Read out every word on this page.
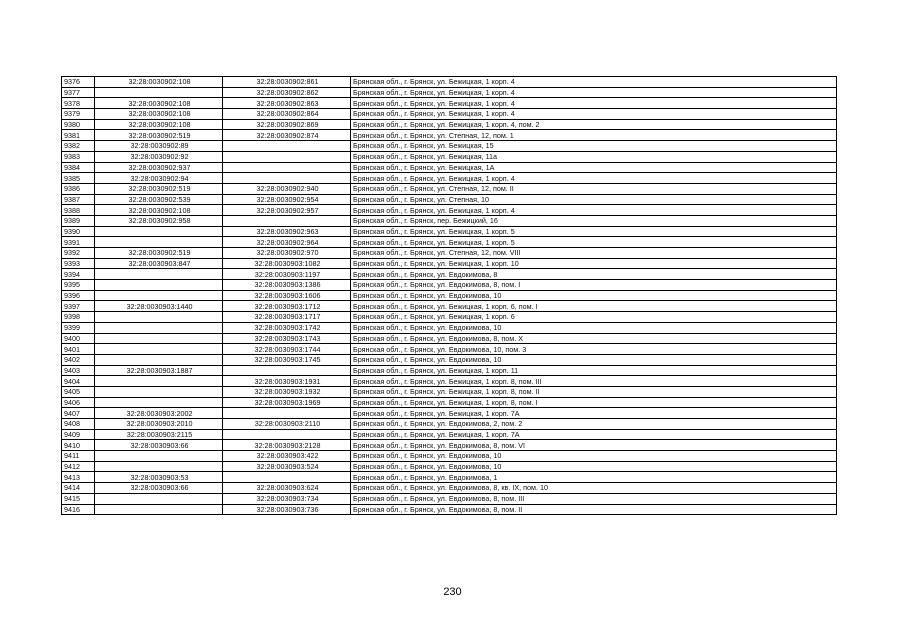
9376	32:28:0030902:108	32:28:0030902:861	Брянская обл., г. Брянск, ул. Бежицкая, 1 корп. 4
9377		32:28:0030902:862	Брянская обл., г. Брянск, ул. Бежицкая, 1 корп. 4
9378	32:28:0030902:108	32:28:0030902:863	Брянская обл., г. Брянск, ул. Бежицкая, 1 корп. 4
9379	32:28:0030902:108	32:28:0030902:864	Брянская обл., г. Брянск, ул. Бежицкая, 1 корп. 4
9380	32:28:0030902:108	32:28:0030902:869	Брянская обл., г. Брянск, ул. Бежицкая, 1 корп. 4, пом. 2
9381	32:28:0030902:519	32:28:0030902:874	Брянская обл., г. Брянск, ул. Степная, 12, пом. 1
9382	32:28:0030902:89		Брянская обл., г. Брянск, ул. Бежицкая, 15
9383	32:28:0030902:92		Брянская обл., г. Брянск, ул. Бежицкая, 11а
9384	32:28:0030902:937		Брянская обл., г. Брянск, ул. Бежицкая, 1А
9385	32:28:0030902:94		Брянская обл., г. Брянск, ул. Бежицкая, 1 корп. 4
9386	32:28:0030902:519	32:28:0030902:940	Брянская обл., г. Брянск, ул. Степная, 12, пом. II
9387	32:28:0030902:539	32:28:0030902:954	Брянская обл., г. Брянск, ул. Степная, 10
9388	32:28:0030902:108	32:28:0030902:957	Брянская обл., г. Брянск, ул. Бежицкая, 1 корп. 4
9389	32:28:0030902:958		Брянская обл., г. Брянск, пер. Бежицкий, 16
9390		32:28:0030902:963	Брянская обл., г. Брянск, ул. Бежицкая, 1 корп. 5
9391		32:28:0030902:964	Брянская обл., г. Брянск, ул. Бежицкая, 1 корп. 5
9392	32:28:0030902:519	32:28:0030902:970	Брянская обл., г. Брянск, ул. Степная, 12, пом. VIII
9393	32:28:0030903:847	32:28:0030903:1082	Брянская обл., г. Брянск, ул. Бежицкая, 1 корп. 10
9394		32:28:0030903:1197	Брянская обл., г. Брянск, ул. Евдокимова, 8
9395		32:28:0030903:1386	Брянская обл., г. Брянск, ул. Евдокимова, 8, пом. I
9396		32:28:0030903:1606	Брянская обл., г. Брянск, ул. Евдокимова, 10
9397	32:28:0030903:1440	32:28:0030903:1712	Брянская обл., г. Брянск, ул. Бежицкая, 1 корп. 6, пом. I
9398		32:28:0030903:1717	Брянская обл., г. Брянск, ул. Бежицкая, 1 корп. 6
9399		32:28:0030903:1742	Брянская обл., г. Брянск, ул. Евдокимова, 10
9400		32:28:0030903:1743	Брянская обл., г. Брянск, ул. Евдокимова, 8, пом. X
9401		32:28:0030903:1744	Брянская обл., г. Брянск, ул. Евдокимова, 10, пом. 3
9402		32:28:0030903:1745	Брянская обл., г. Брянск, ул. Евдокимова, 10
9403	32:28:0030903:1887		Брянская обл., г. Брянск, ул. Бежицкая, 1 корп. 11
9404		32:28:0030903:1931	Брянская обл., г. Брянск, ул. Бежицкая, 1 корп. 8, пом. III
9405		32:28:0030903:1932	Брянская обл., г. Брянск, ул. Бежицкая, 1 корп. 8, пом. II
9406		32:28:0030903:1969	Брянская обл., г. Брянск, ул. Бежицкая, 1 корп. 8, пом. I
9407	32:28:0030903:2002		Брянская обл., г. Брянск, ул. Бежицкая, 1 корп. 7А
9408	32:28:0030903:2010	32:28:0030903:2110	Брянская обл., г. Брянск, ул. Евдокимова, 2, пом. 2
9409	32:28:0030903:2115		Брянская обл., г. Брянск, ул. Бежицкая, 1 корп. 7А
9410	32:28:0030903:66	32:28:0030903:2128	Брянская обл., г. Брянск, ул. Евдокимова, 8, пом. VI
9411		32:28:0030903:422	Брянская обл., г. Брянск, ул. Евдокимова, 10
9412		32:28:0030903:524	Брянская обл., г. Брянск, ул. Евдокимова, 10
9413	32:28:0030903:53		Брянская обл., г. Брянск, ул. Евдокимова, 1
9414	32:28:0030903:66	32:28:0030903:624	Брянская обл., г. Брянск, ул. Евдокимова, 8, кв. IX, пом. 10
9415		32:28:0030903:734	Брянская обл., г. Брянск, ул. Евдокимова, 8, пом. III
9416		32:28:0030903:736	Брянская обл., г. Брянск, ул. Евдокимова, 8, пом. II
230
